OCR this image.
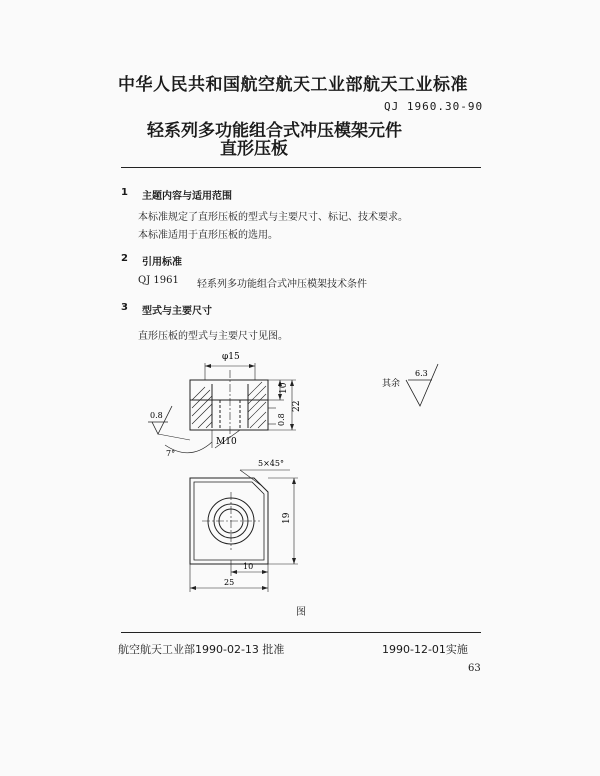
中华人民共和国航空航天工业部航天工业标准
QJ 1960.30-90
轻系列多功能组合式冲压模架元件
直形压板
1 主题内容与适用范围
本标准规定了直形压板的型式与主要尺寸、标记、技术要求。
本标准适用于直形压板的选用。
2 引用标准
QJ 1961 轻系列多功能组合式冲压模架技术条件
3 型式与主要尺寸
直形压板的型式与主要尺寸见图。
φ15
10
22
0.8
0.8
7°
M10
5×45°
19
10
25
其余
6.3
图
航空航天工业部1990-02-13 批准	1990-12-01实施
63
